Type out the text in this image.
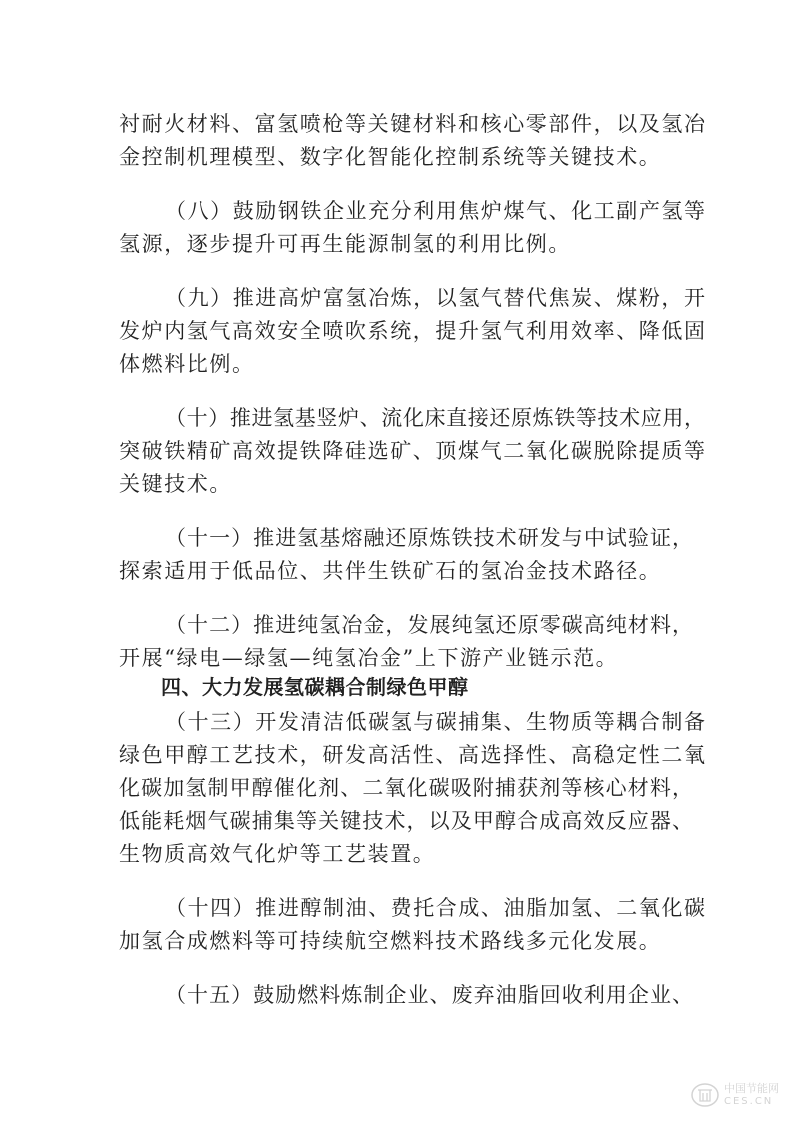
衬耐火材料、富氢喷枪等关键材料和核心零部件，以及氢冶
金控制机理模型、数字化智能化控制系统等关键技术。
（八）鼓励钢铁企业充分利用焦炉煤气、化工副产氢等
氢源，逐步提升可再生能源制氢的利用比例。
（九）推进高炉富氢冶炼，以氢气替代焦炭、煤粉，开
发炉内氢气高效安全喷吹系统，提升氢气利用效率、降低固
体燃料比例。
（十）推进氢基竖炉、流化床直接还原炼铁等技术应用，
突破铁精矿高效提铁降硅选矿、顶煤气二氧化碳脱除提质等
关键技术。
（十一）推进氢基熔融还原炼铁技术研发与中试验证，
探索适用于低品位、共伴生铁矿石的氢冶金技术路径。
（十二）推进纯氢冶金，发展纯氢还原零碳高纯材料，
开展“绿电—绿氢—纯氢冶金”上下游产业链示范。
四、大力发展氢碳耦合制绿色甲醇
（十三）开发清洁低碳氢与碳捕集、生物质等耦合制备
绿色甲醇工艺技术，研发高活性、高选择性、高稳定性二氧
化碳加氢制甲醇催化剂、二氧化碳吸附捕获剂等核心材料，
低能耗烟气碳捕集等关键技术，以及甲醇合成高效反应器、
生物质高效气化炉等工艺装置。
（十四）推进醇制油、费托合成、油脂加氢、二氧化碳
加氢合成燃料等可持续航空燃料技术路线多元化发展。
（十五）鼓励燃料炼制企业、废弃油脂回收利用企业、
中国节能网
CES.CN
